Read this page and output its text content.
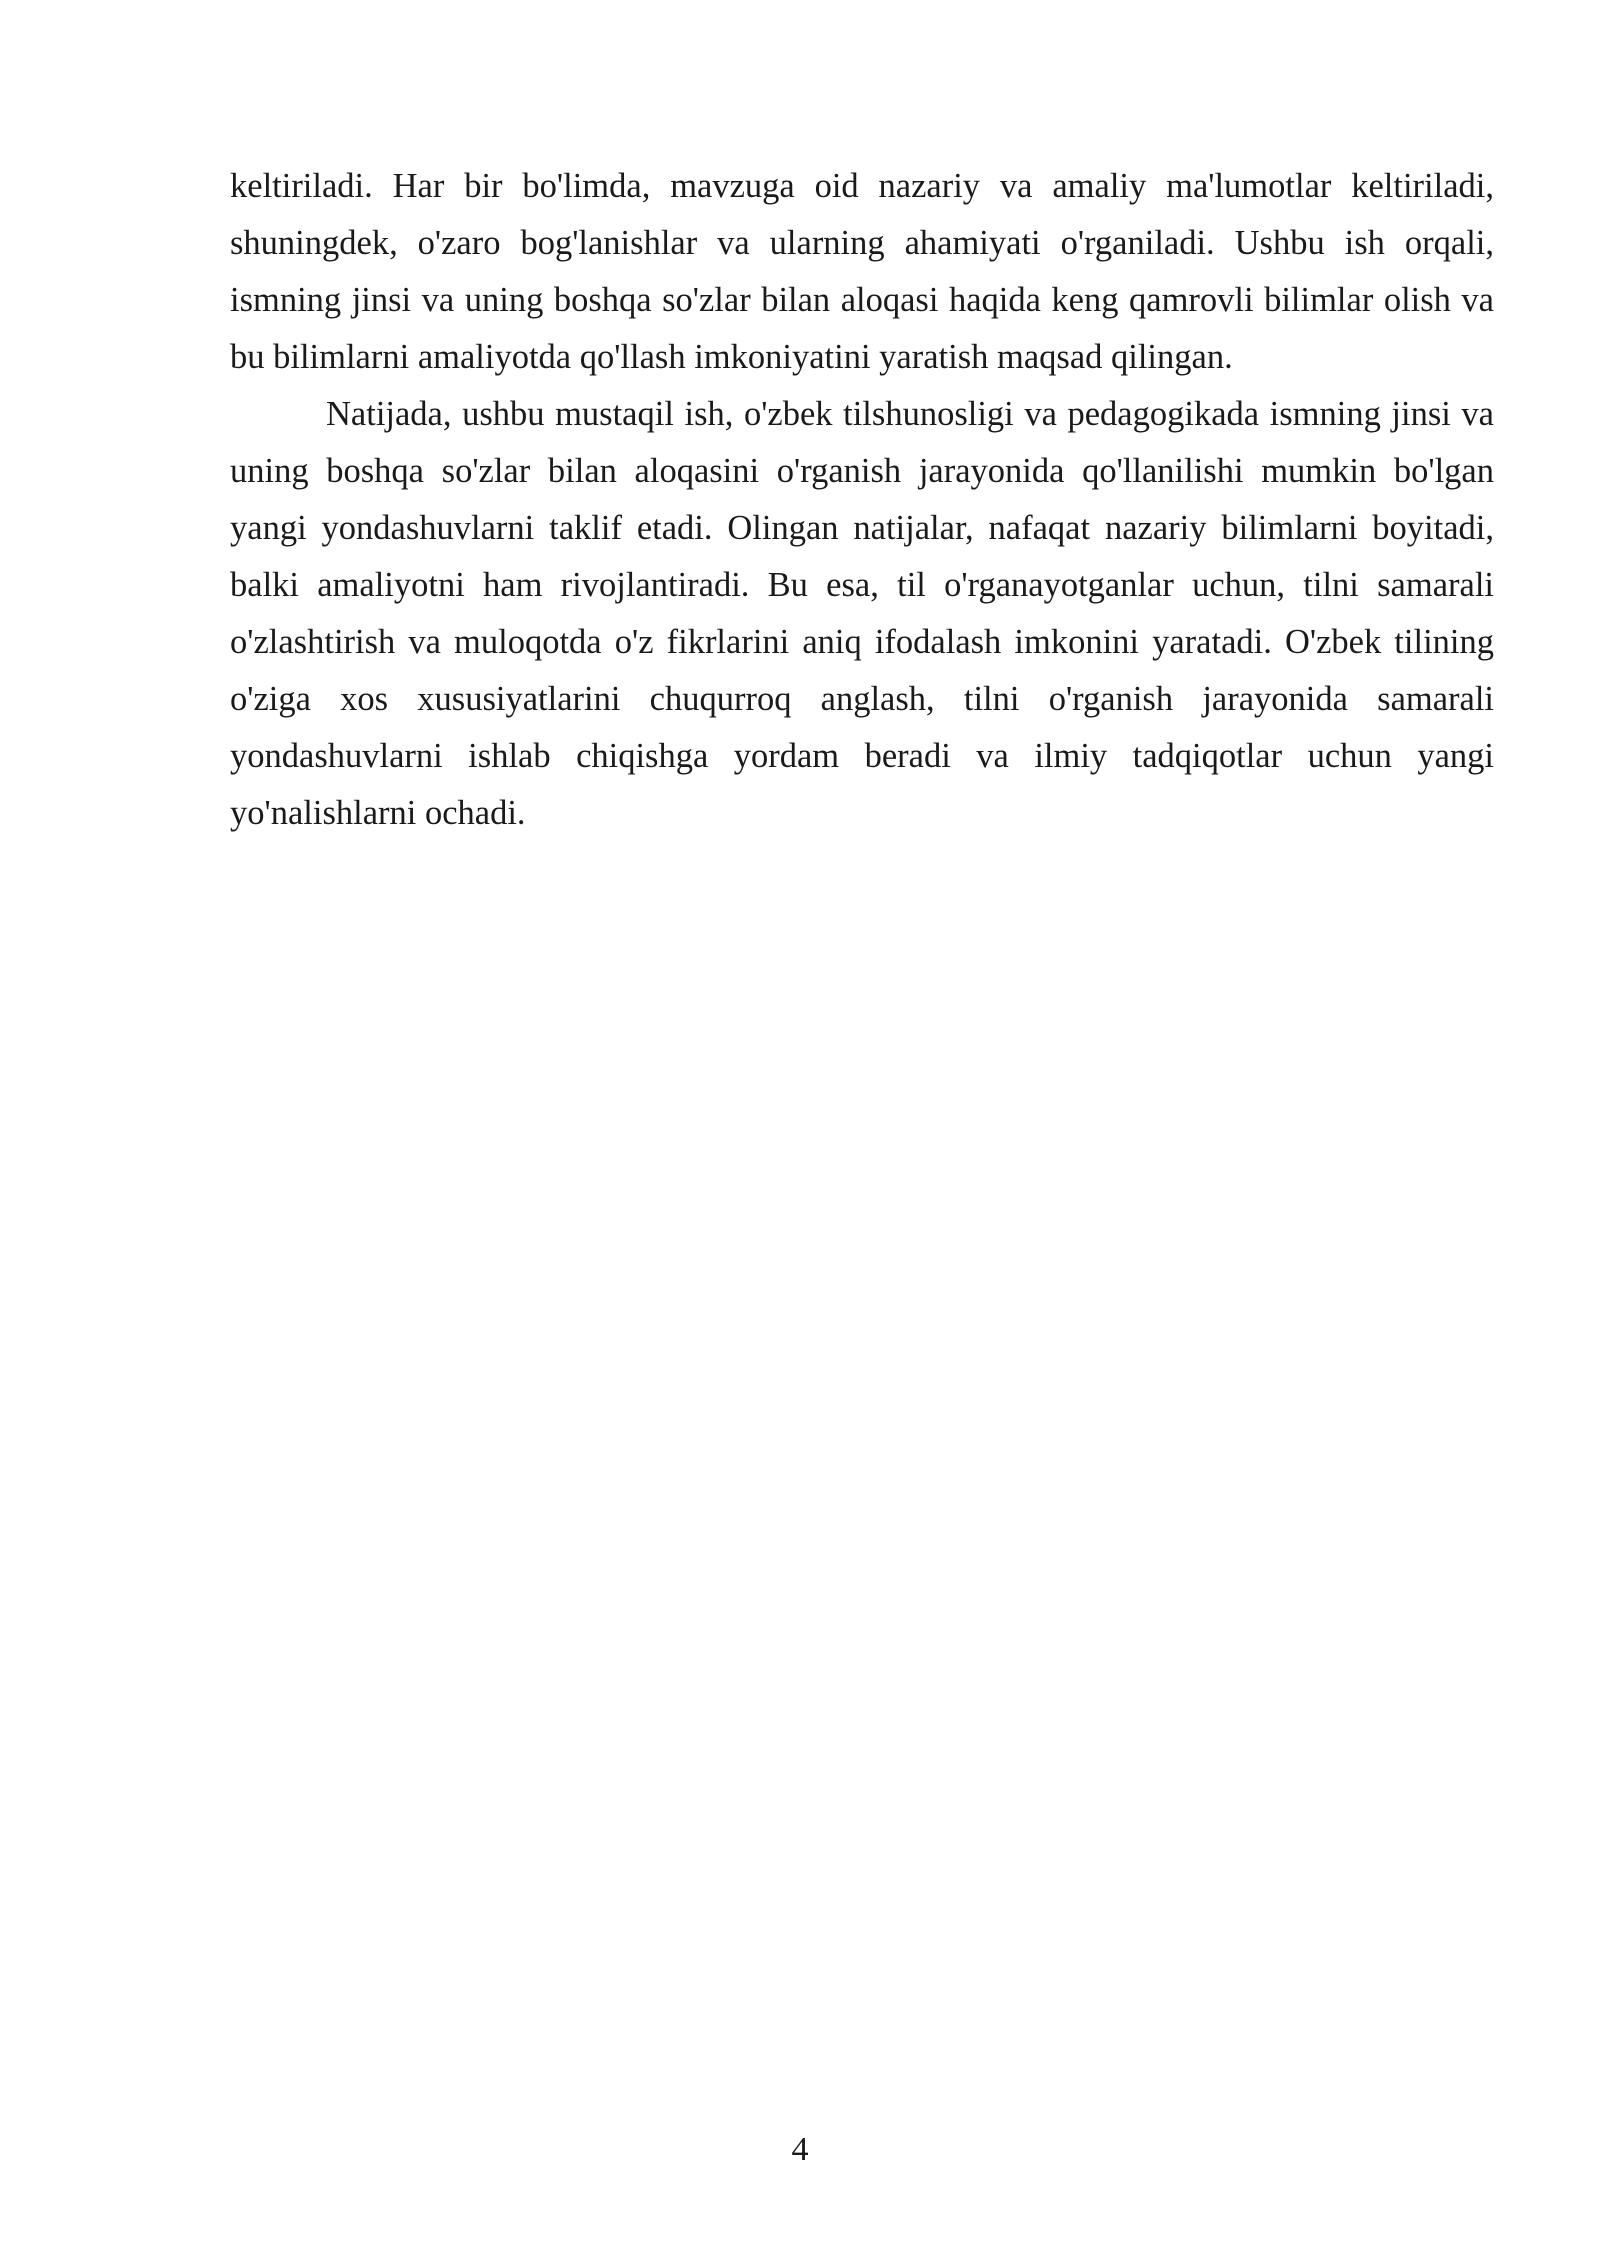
keltiriladi. Har bir bo'limda, mavzuga oid nazariy va amaliy ma'lumotlar keltiriladi, shuningdek, o'zaro bog'lanishlar va ularning ahamiyati o'rganiladi. Ushbu ish orqali, ismning jinsi va uning boshqa so'zlar bilan aloqasi haqida keng qamrovli bilimlar olish va bu bilimlarni amaliyotda qo'llash imkoniyatini yaratish maqsad qilingan.

Natijada, ushbu mustaqil ish, o'zbek tilshunosligi va pedagogikada ismning jinsi va uning boshqa so'zlar bilan aloqasini o'rganish jarayonida qo'llanilishi mumkin bo'lgan yangi yondashuvlarni taklif etadi. Olingan natijalar, nafaqat nazariy bilimlarni boyitadi, balki amaliyotni ham rivojlantiradi. Bu esa, til o'rganayotganlar uchun, tilni samarali o'zlashtirish va muloqotda o'z fikrlarini aniq ifodalash imkonini yaratadi. O'zbek tilining o'ziga xos xususiyatlarini chuqurroq anglash, tilni o'rganish jarayonida samarali yondashuvlarni ishlab chiqishga yordam beradi va ilmiy tadqiqotlar uchun yangi yo'nalishlarni ochadi.

4
